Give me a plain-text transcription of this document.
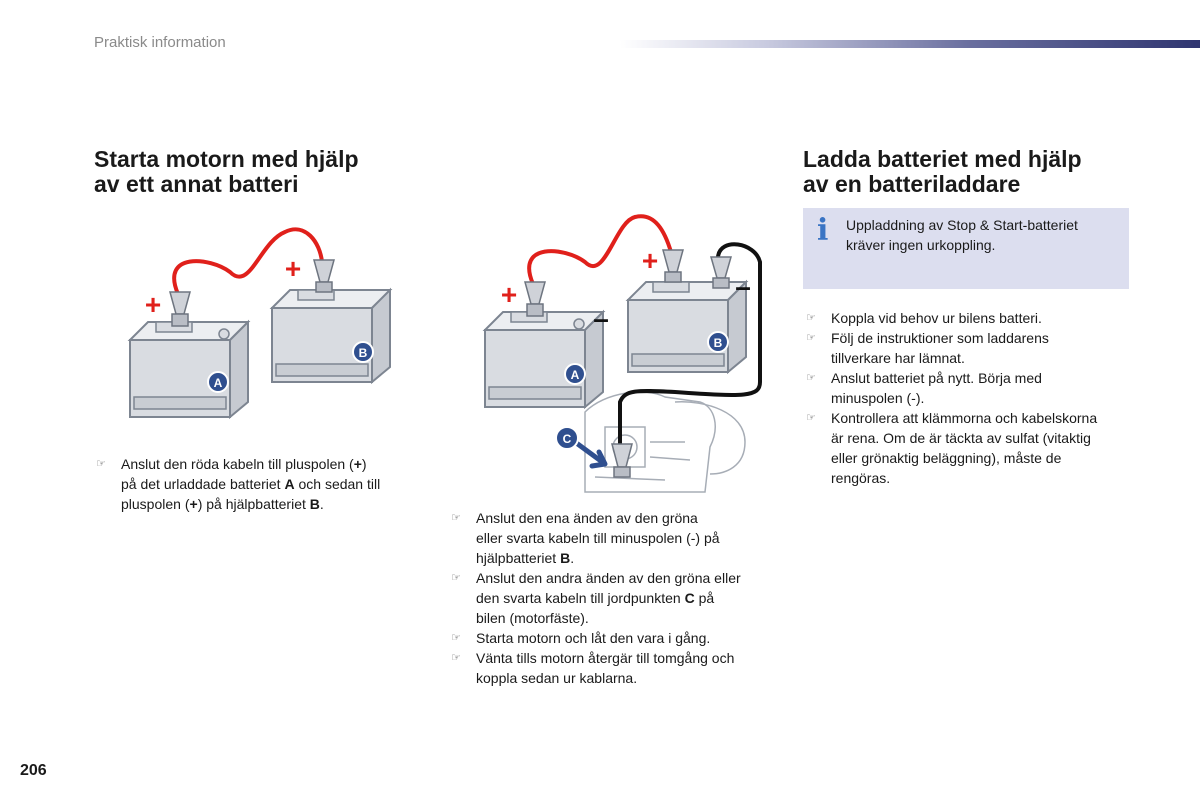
Praktisk information
Starta motorn med hjälp
av ett annat batteri
A
B
+
+
☞ Anslut den röda kabeln till pluspolen (+)
på det urladdade batteriet A och sedan till
pluspolen (+) på hjälpbatteriet B.
A
B
C
+
+
–
–
☞ Anslut den ena änden av den gröna
eller svarta kabeln till minuspolen (-) på
hjälpbatteriet B.
☞ Anslut den andra änden av den gröna eller
den svarta kabeln till jordpunkten C på
bilen (motorfäste).
☞ Starta motorn och låt den vara i gång.
☞ Vänta tills motorn återgär till tomgång och
koppla sedan ur kablarna.
Ladda batteriet med hjälp
av en batteriladdare
i Uppladdning av Stop & Start-batteriet
kräver ingen urkoppling.
☞ Koppla vid behov ur bilens batteri.
☞ Följ de instruktioner som laddarens
tillverkare har lämnat.
☞ Anslut batteriet på nytt. Börja med
minuspolen (-).
☞ Kontrollera att klämmorna och kabelskorna
är rena. Om de är täckta av sulfat (vitaktig
eller grönaktig beläggning), måste de
rengöras.
206
